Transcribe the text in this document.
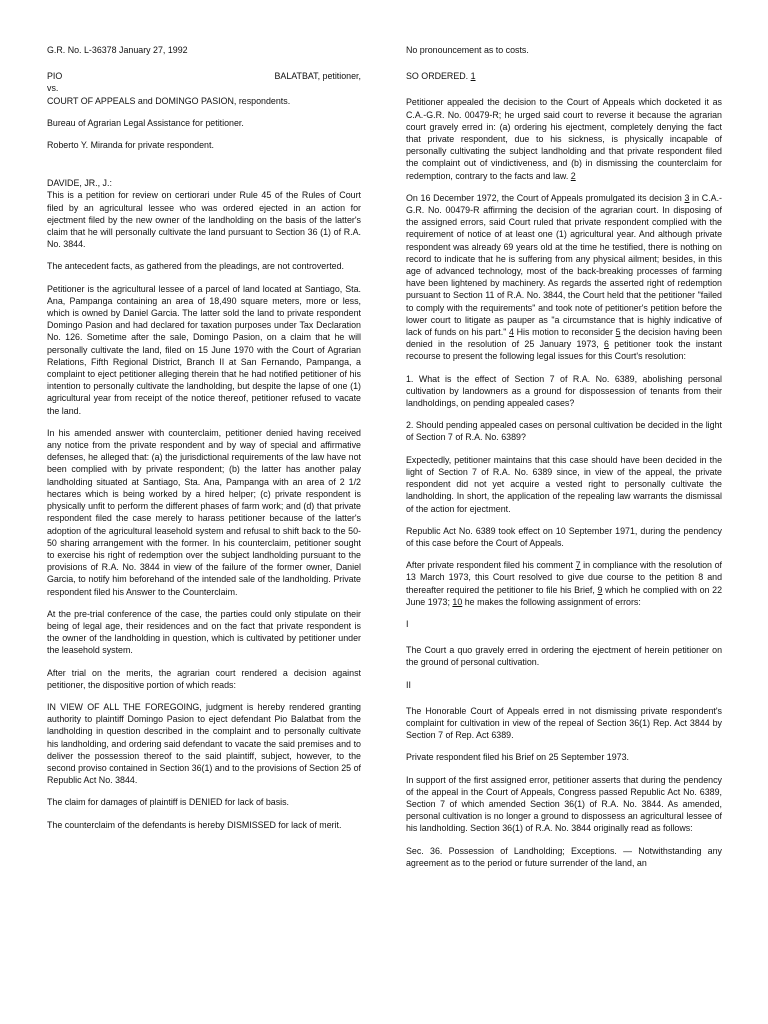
G.R. No. L-36378 January 27, 1992
PIO	BALATBAT, petitioner,
vs.
COURT OF APPEALS and DOMINGO PASION, respondents.
Bureau of Agrarian Legal Assistance for petitioner.
Roberto Y. Miranda for private respondent.

DAVIDE, JR., J.:

This is a petition for review on certiorari under Rule 45 of the Rules of Court filed by an agricultural lessee who was ordered ejected in an action for ejectment filed by the new owner of the landholding on the basis of the latter's claim that he will personally cultivate the land pursuant to Section 36 (1) of R.A. No. 3844.

The antecedent facts, as gathered from the pleadings, are not controverted.

Petitioner is the agricultural lessee of a parcel of land located at Santiago, Sta. Ana, Pampanga containing an area of 18,490 square meters, more or less, which is owned by Daniel Garcia. The latter sold the land to private respondent Domingo Pasion and had declared for taxation purposes under Tax Declaration No. 126. Sometime after the sale, Domingo Pasion, on a claim that he will personally cultivate the land, filed on 15 June 1970 with the Court of Agrarian Relations, Fifth Regional District, Branch II at San Fernando, Pampanga, a complaint to eject petitioner alleging therein that he had notified petitioner of his intention to personally cultivate the landholding, but despite the lapse of one (1) agricultural year from receipt of the notice thereof, petitioner refused to vacate the land.

In his amended answer with counterclaim, petitioner denied having received any notice from the private respondent and by way of special and affirmative defenses, he alleged that: (a) the jurisdictional requirements of the law have not been complied with by private respondent; (b) the latter has another palay landholding situated at Santiago, Sta. Ana, Pampanga with an area of 2 1/2 hectares which is being worked by a hired helper; (c) private respondent is physically unfit to perform the different phases of farm work; and (d) that private respondent filed the case merely to harass petitioner because of the latter's adoption of the agricultural leasehold system and refusal to shift back to the 50-50 sharing arrangement with the former. In his counterclaim, petitioner sought to exercise his right of redemption over the subject landholding pursuant to the provisions of R.A. No. 3844 in view of the failure of the former owner, Daniel Garcia, to notify him beforehand of the intended sale of the landholding. Private respondent filed his Answer to the Counterclaim.

At the pre-trial conference of the case, the parties could only stipulate on their being of legal age, their residences and on the fact that private respondent is the owner of the landholding in question, which is cultivated by petitioner under the leasehold system.

After trial on the merits, the agrarian court rendered a decision against petitioner, the dispositive portion of which reads:

IN VIEW OF ALL THE FOREGOING, judgment is hereby rendered granting authority to plaintiff Domingo Pasion to eject defendant Pio Balatbat from the landholding in question described in the complaint and to personally cultivate his landholding, and ordering said defendant to vacate the said premises and to deliver the possession thereof to the said plaintiff, subject, however, to the second proviso contained in Section 36(1) and to the provisions of Section 25 of Republic Act No. 3844.

The claim for damages of plaintiff is DENIED for lack of basis.

The counterclaim of the defendants is hereby DISMISSED for lack of merit.

No pronouncement as to costs.
SO ORDERED. 1

Petitioner appealed the decision to the Court of Appeals which docketed it as C.A.-G.R. No. 00479-R; he urged said court to reverse it because the agrarian court gravely erred in: (a) ordering his ejectment, completely denying the fact that private respondent, due to his sickness, is physically incapable of personally cultivating the subject landholding and that private respondent filed the complaint out of vindictiveness, and (b) in dismissing the counterclaim for redemption, contrary to the facts and law. 2

On 16 December 1972, the Court of Appeals promulgated its decision 3 in C.A.-G.R. No. 00479-R affirming the decision of the agrarian court. In disposing of the assigned errors, said Court ruled that private respondent complied with the requirement of notice of at least one (1) agricultural year. And although private respondent was already 69 years old at the time he testified, there is nothing on record to indicate that he is suffering from any physical ailment; besides, in this age of advanced technology, most of the back-breaking processes of farming have been lightened by machinery. As regards the asserted right of redemption pursuant to Section 11 of R.A. No. 3844, the Court held that the petitioner "failed to comply with the requirements" and took note of petitioner's petition before the lower court to litigate as pauper as "a circumstance that is highly indicative of lack of funds on his part." 4 His motion to reconsider 5 the decision having been denied in the resolution of 25 January 1973, 6 petitioner took the instant recourse to present the following legal issues for this Court's resolution:

1. What is the effect of Section 7 of R.A. No. 6389, abolishing personal cultivation by landowners as a ground for dispossession of tenants from their landholdings, on pending appealed cases?

2. Should pending appealed cases on personal cultivation be decided in the light of Section 7 of R.A. No. 6389?

Expectedly, petitioner maintains that this case should have been decided in the light of Section 7 of R.A. No. 6389 since, in view of the appeal, the private respondent did not yet acquire a vested right to personally cultivate the landholding. In short, the application of the repealing law warrants the dismissal of the action for ejectment.

Republic Act No. 6389 took effect on 10 September 1971, during the pendency of this case before the Court of Appeals.

After private respondent filed his comment 7 in compliance with the resolution of 13 March 1973, this Court resolved to give due course to the petition 8 and thereafter required the petitioner to file his Brief, 9 which he complied with on 22 June 1973; 10 he makes the following assignment of errors:

I

The Court a quo gravely erred in ordering the ejectment of herein petitioner on the ground of personal cultivation.

II

The Honorable Court of Appeals erred in not dismissing private respondent's complaint for cultivation in view of the repeal of Section 36(1) Rep. Act 3844 by Section 7 of Rep. Act 6389.

Private respondent filed his Brief on 25 September 1973.

In support of the first assigned error, petitioner asserts that during the pendency of the appeal in the Court of Appeals, Congress passed Republic Act No. 6389, Section 7 of which amended Section 36(1) of R.A. No. 3844. As amended, personal cultivation is no longer a ground to dispossess an agricultural lessee of his landholding. Section 36(1) of R.A. No. 3844 originally read as follows:

Sec. 36. Possession of Landholding; Exceptions. — Notwithstanding any agreement as to the period or future surrender of the land, an
